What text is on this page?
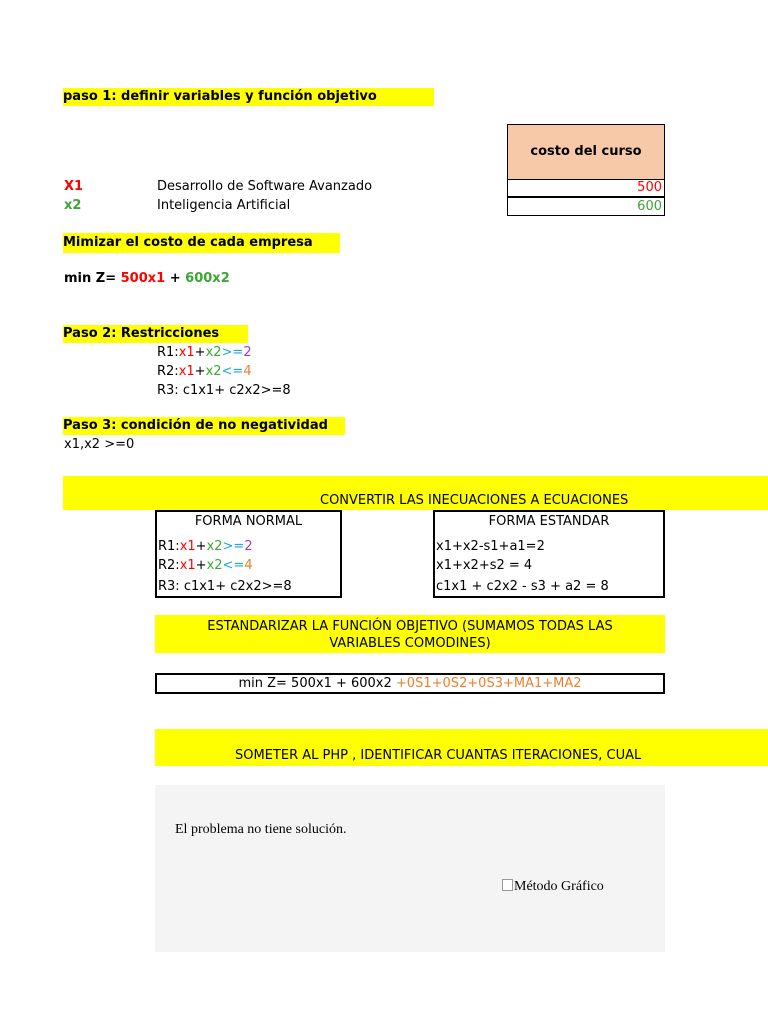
paso 1: definir variables y función objetivo
costo del curso
500
600
X1	Desarrollo de Software Avanzado
x2	Inteligencia Artificial
Mimizar el costo de cada empresa
min Z= 500x1 + 600x2
Paso 2: Restricciones
R1:x1+x2>=2
R2:x1+x2<=4
R3: c1x1+ c2x2>=8
Paso 3: condición de no negatividad
x1,x2 >=0
CONVERTIR LAS INECUACIONES A ECUACIONES
FORMA NORMAL
R1:x1+x2>=2
R2:x1+x2<=4
R3: c1x1+ c2x2>=8
FORMA ESTANDAR
x1+x2-s1+a1=2
x1+x2+s2 = 4
c1x1 + c2x2 - s3 + a2 = 8
ESTANDARIZAR LA FUNCIÓN OBJETIVO (SUMAMOS TODAS LAS
VARIABLES COMODINES)
min Z= 500x1 + 600x2 +0S1+0S2+0S3+MA1+MA2
SOMETER AL PHP , IDENTIFICAR CUANTAS ITERACIONES, CUAL
El problema no tiene solución.
Método Gráfico
